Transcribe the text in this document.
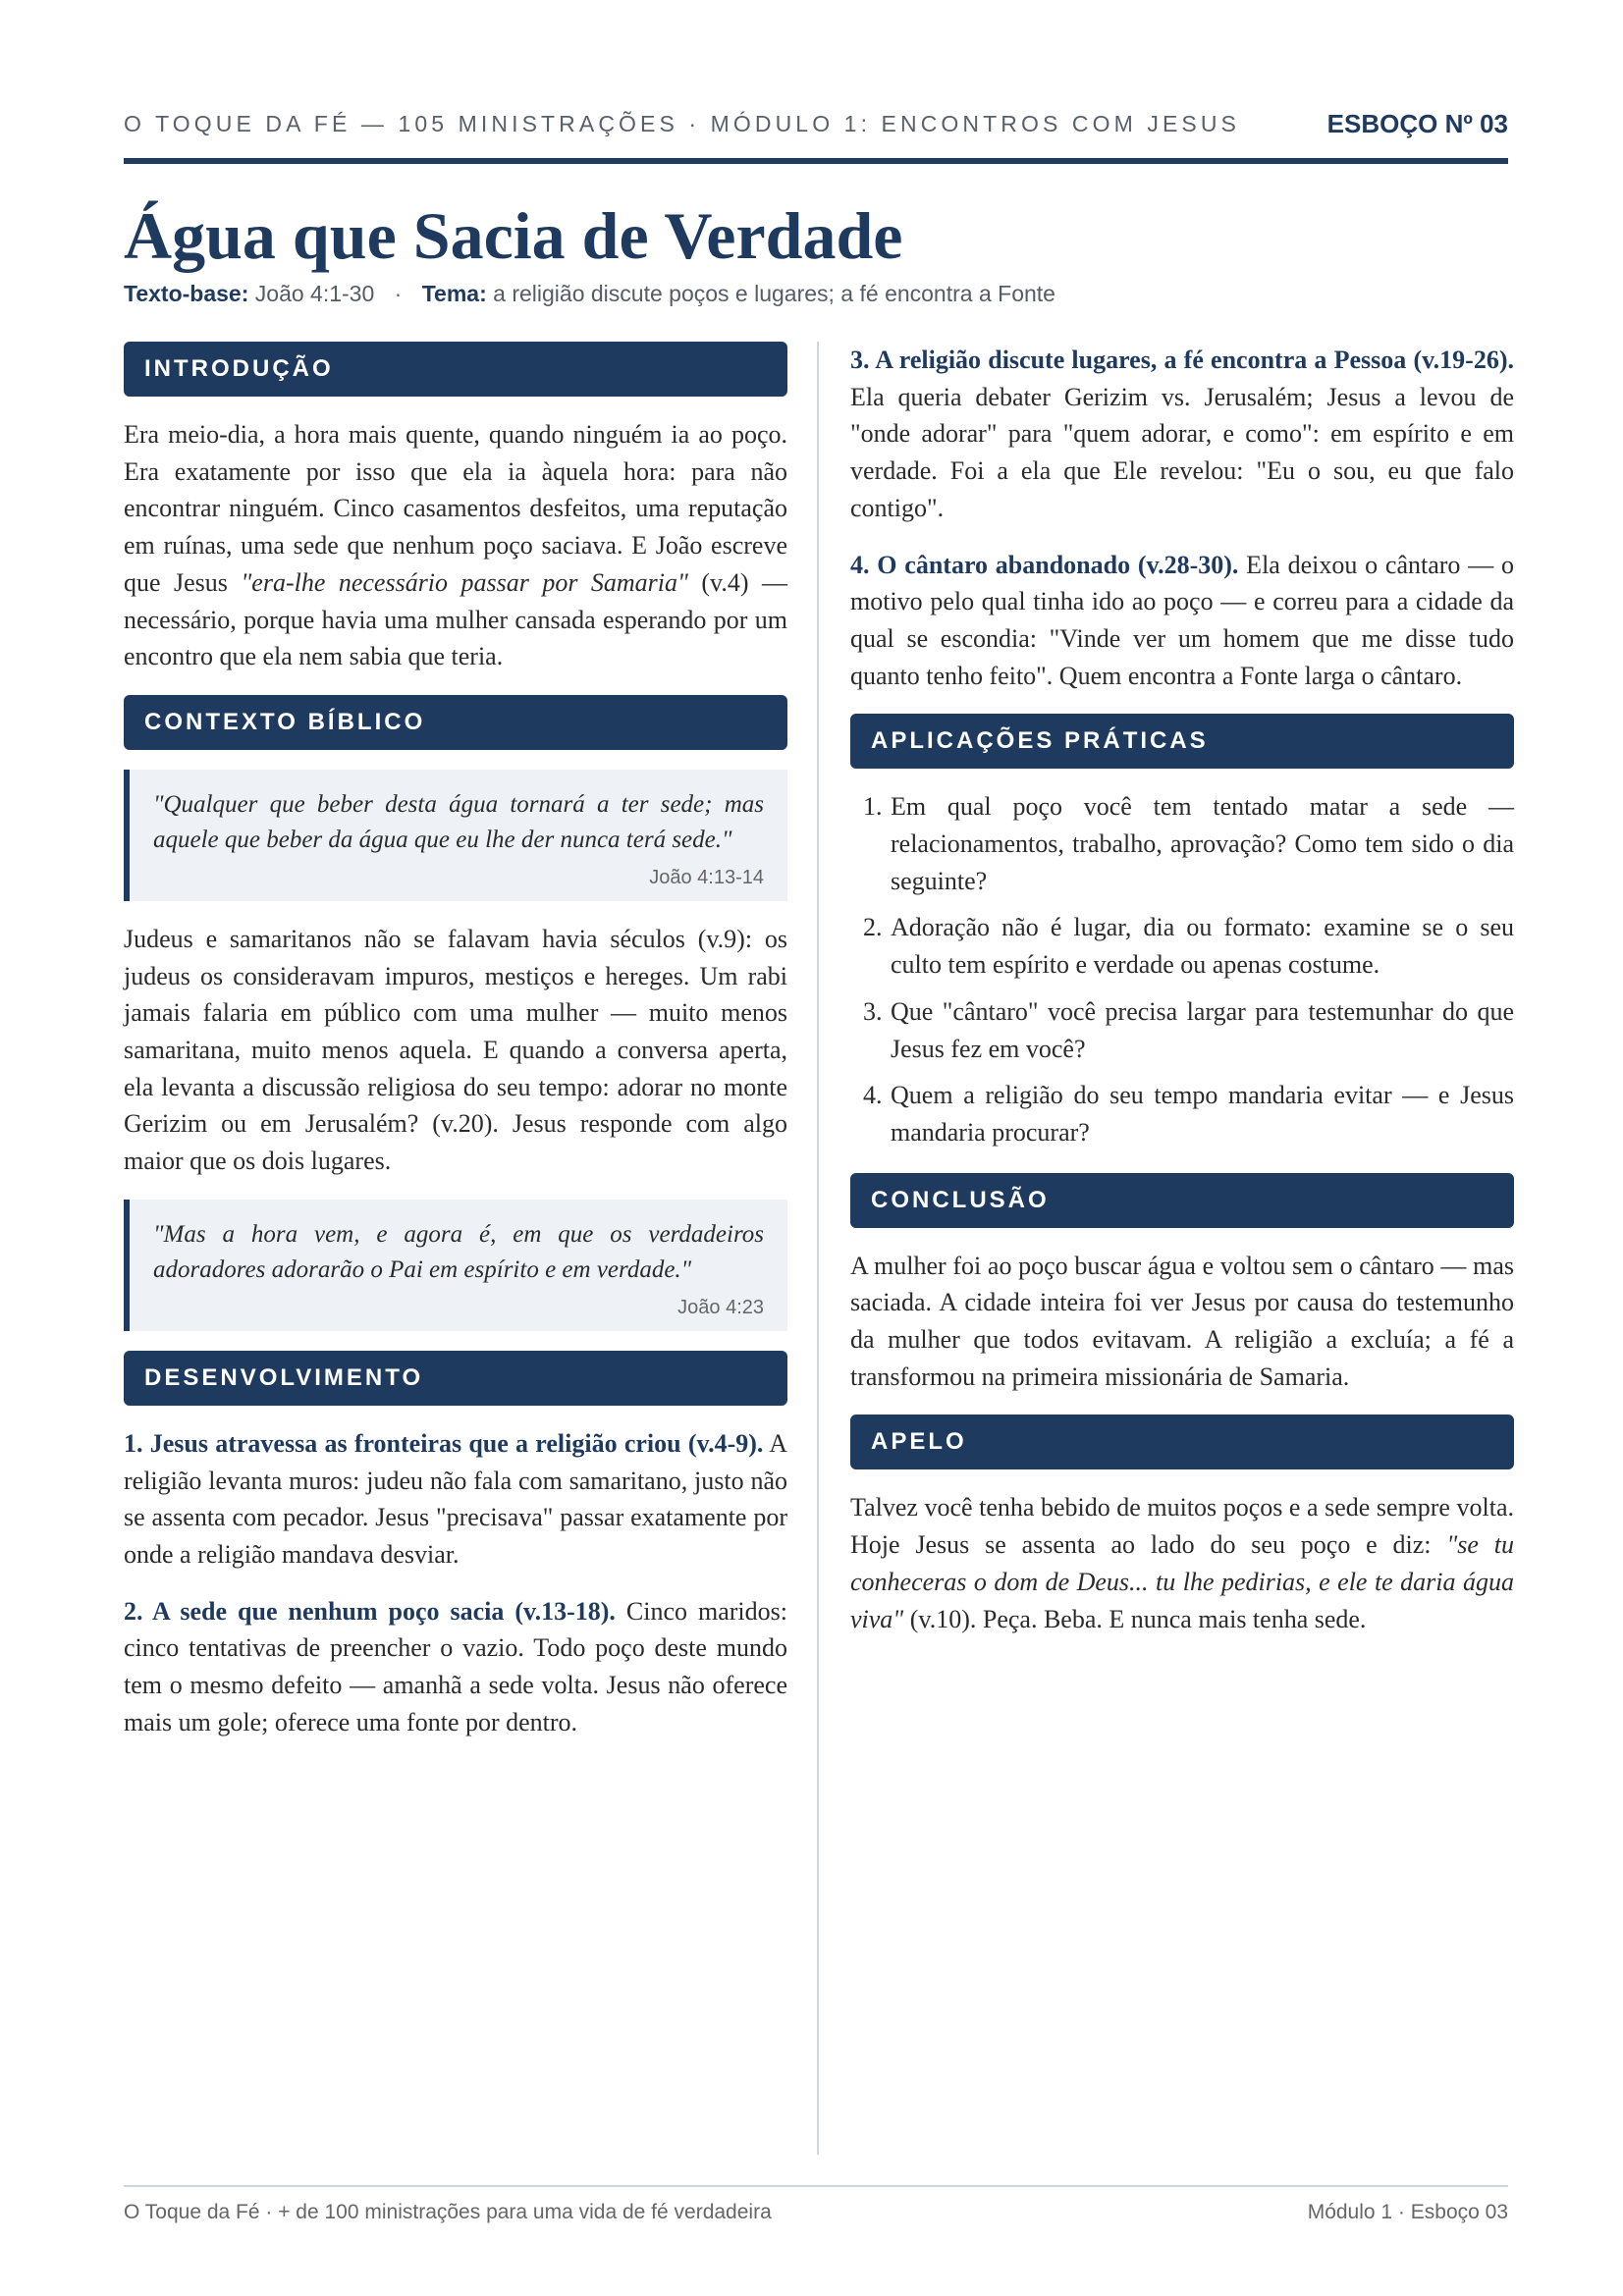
O TOQUE DA FÉ — 105 MINISTRAÇÕES · MÓDULO 1: ENCONTROS COM JESUS	ESBOÇO Nº 03
Água que Sacia de Verdade
Texto-base: João 4:1-30 · Tema: a religião discute poços e lugares; a fé encontra a Fonte
INTRODUÇÃO

Era meio-dia, a hora mais quente, quando ninguém ia ao poço. Era exatamente por isso que ela ia àquela hora: para não encontrar ninguém. Cinco casamentos desfeitos, uma reputação em ruínas, uma sede que nenhum poço saciava. E João escreve que Jesus "era-lhe necessário passar por Samaria" (v.4) — necessário, porque havia uma mulher cansada esperando por um encontro que ela nem sabia que teria.

CONTEXTO BÍBLICO
"Qualquer que beber desta água tornará a ter sede; mas aquele que beber da água que eu lhe der nunca terá sede."
João 4:13-14

Judeus e samaritanos não se falavam havia séculos (v.9): os judeus os consideravam impuros, mestiços e hereges. Um rabi jamais falaria em público com uma mulher — muito menos samaritana, muito menos aquela. E quando a conversa aperta, ela levanta a discussão religiosa do seu tempo: adorar no monte Gerizim ou em Jerusalém? (v.20). Jesus responde com algo maior que os dois lugares.

"Mas a hora vem, e agora é, em que os verdadeiros adoradores adorarão o Pai em espírito e em verdade."
João 4:23
DESENVOLVIMENTO

1. Jesus atravessa as fronteiras que a religião criou (v.4-9). A religião levanta muros: judeu não fala com samaritano, justo não se assenta com pecador. Jesus "precisava" passar exatamente por onde a religião mandava desviar.

2. A sede que nenhum poço sacia (v.13-18). Cinco maridos: cinco tentativas de preencher o vazio. Todo poço deste mundo tem o mesmo defeito — amanhã a sede volta. Jesus não oferece mais um gole; oferece uma fonte por dentro.

3. A religião discute lugares, a fé encontra a Pessoa (v.19-26). Ela queria debater Gerizim vs. Jerusalém; Jesus a levou de "onde adorar" para "quem adorar, e como": em espírito e em verdade. Foi a ela que Ele revelou: "Eu o sou, eu que falo contigo".

4. O cântaro abandonado (v.28-30). Ela deixou o cântaro — o motivo pelo qual tinha ido ao poço — e correu para a cidade da qual se escondia: "Vinde ver um homem que me disse tudo quanto tenho feito". Quem encontra a Fonte larga o cântaro.

APLICAÇÕES PRÁTICAS
1. Em qual poço você tem tentado matar a sede — relacionamentos, trabalho, aprovação? Como tem sido o dia seguinte?
2. Adoração não é lugar, dia ou formato: examine se o seu culto tem espírito e verdade ou apenas costume.
3. Que "cântaro" você precisa largar para testemunhar do que Jesus fez em você?
4. Quem a religião do seu tempo mandaria evitar — e Jesus mandaria procurar?
CONCLUSÃO

A mulher foi ao poço buscar água e voltou sem o cântaro — mas saciada. A cidade inteira foi ver Jesus por causa do testemunho da mulher que todos evitavam. A religião a excluía; a fé a transformou na primeira missionária de Samaria.

APELO

Talvez você tenha bebido de muitos poços e a sede sempre volta. Hoje Jesus se assenta ao lado do seu poço e diz: "se tu conheceras o dom de Deus... tu lhe pedirias, e ele te daria água viva" (v.10). Peça. Beba. E nunca mais tenha sede.

O Toque da Fé · + de 100 ministrações para uma vida de fé verdadeira	Módulo 1 · Esboço 03
